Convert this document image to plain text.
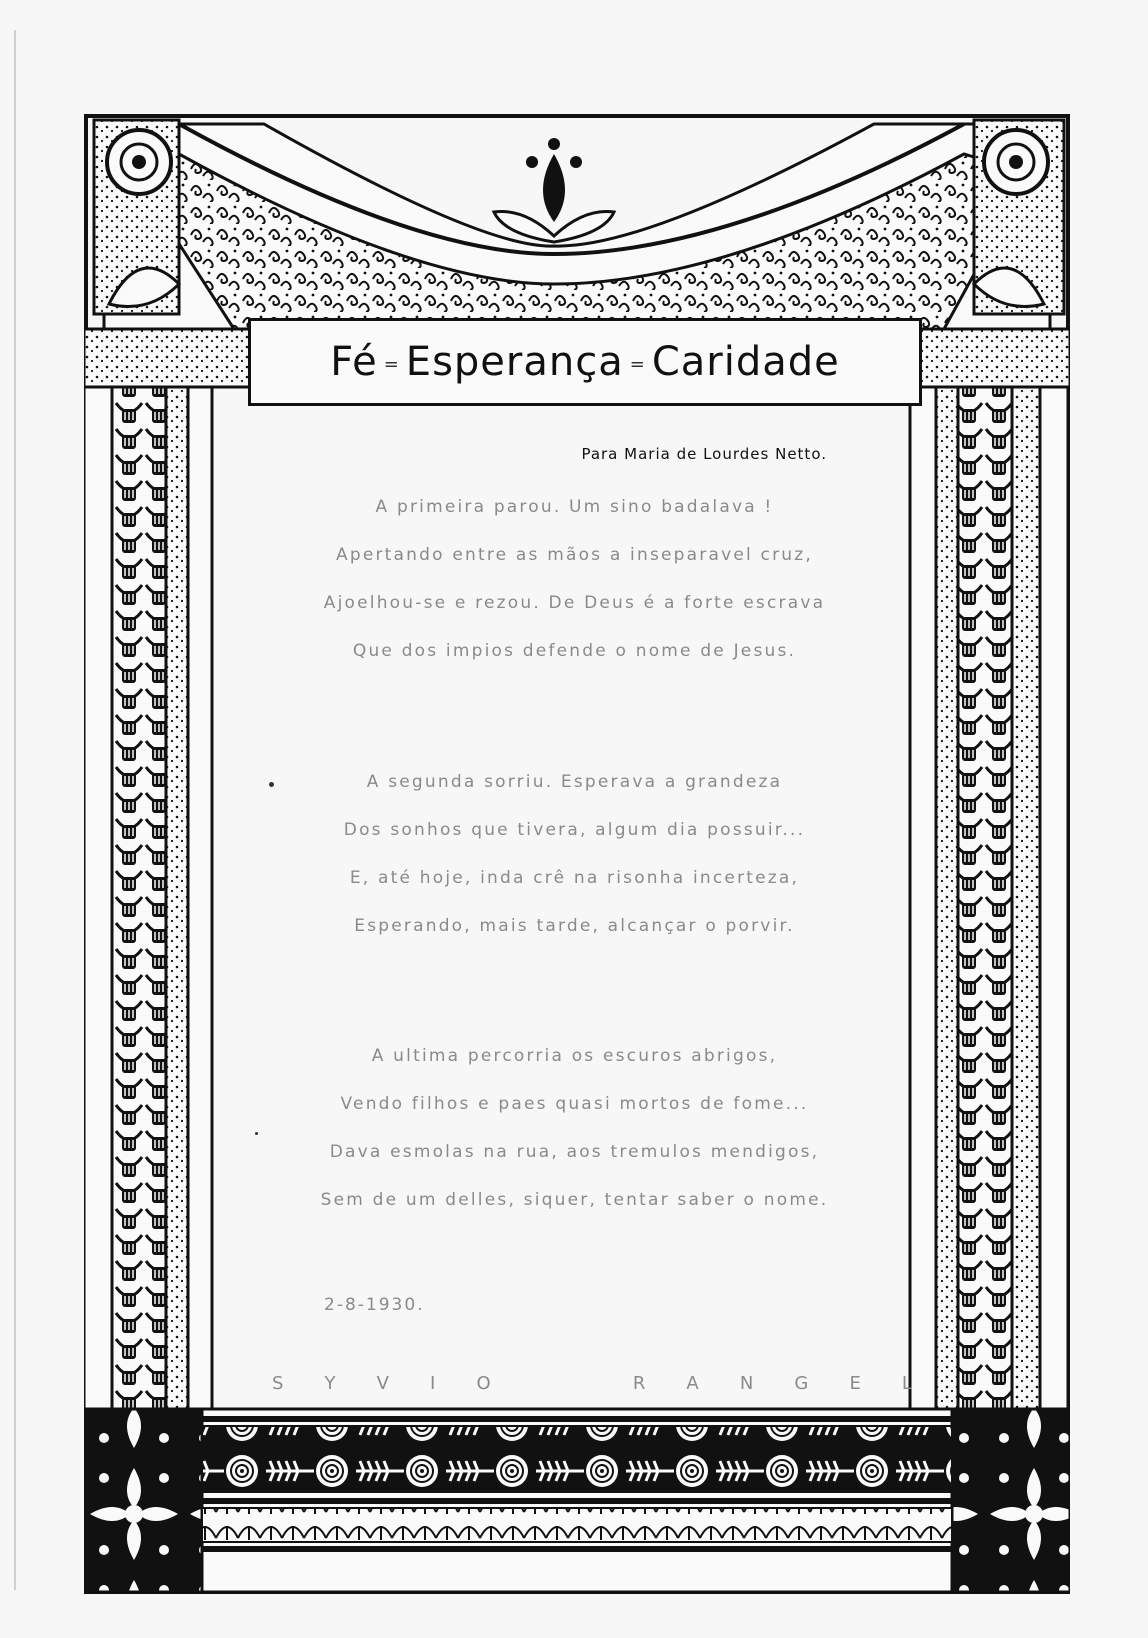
Fé = Esperança = Caridade
Para Maria de Lourdes Netto.
A primeira parou. Um sino badalava !
Apertando entre as mãos a inseparavel cruz,
Ajoelhou-se e rezou. De Deus é a forte escrava
Que dos impios defende o nome de Jesus.
A segunda sorriu. Esperava a grandeza
Dos sonhos que tivera, algum dia possuir...
E, até hoje, inda crê na risonha incerteza,
Esperando, mais tarde, alcançar o porvir.
A ultima percorria os escuros abrigos,
Vendo filhos e paes quasi mortos de fome...
Dava esmolas na rua, aos tremulos mendigos,
Sem de um delles, siquer, tentar saber o nome.
2-8-1930.
S Y V I O	R A N G E L
